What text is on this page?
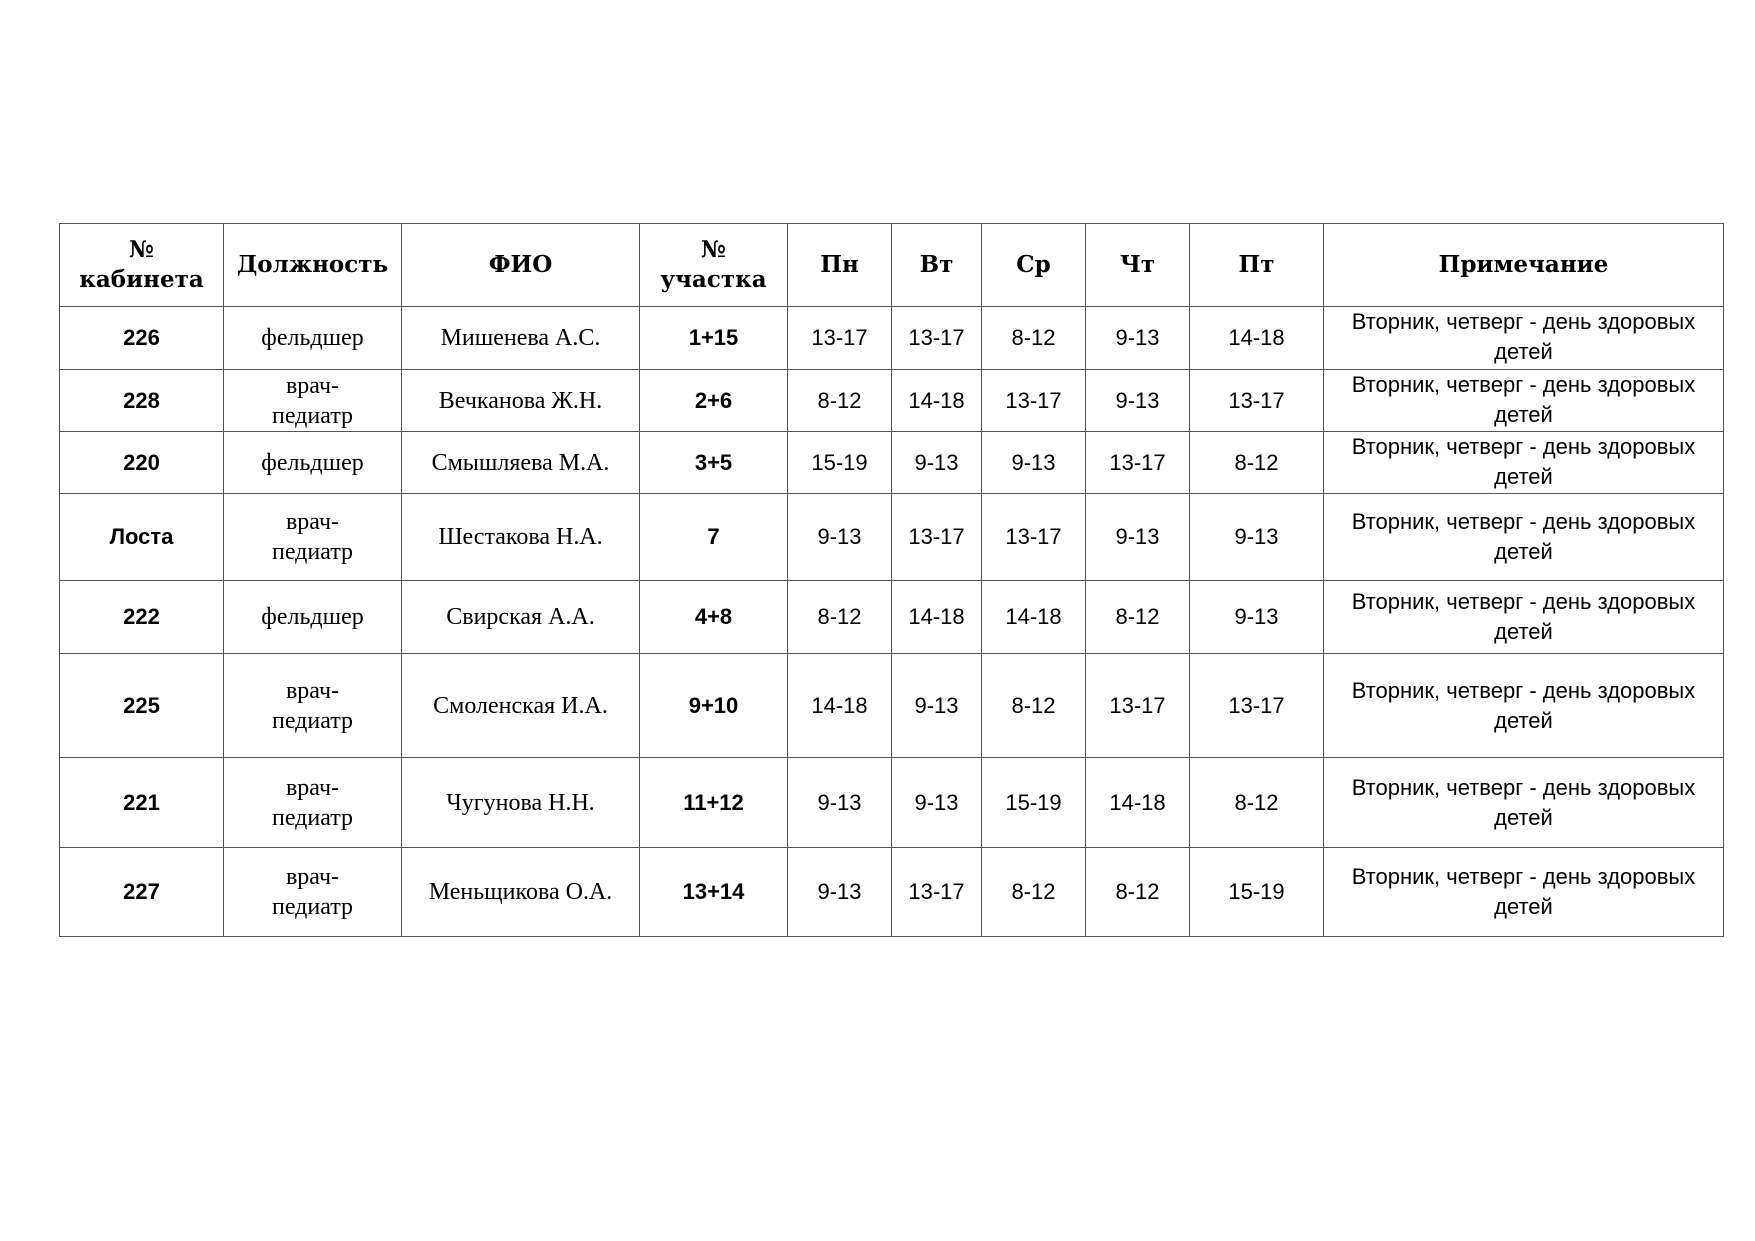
№
кабинета	Должность	ФИО	№ участка	Пн	Вт	Ср	Чт	Пт	Примечание
226	фельдшер	Мишенева А.С.	1+15	13-17	13-17	8-12	9-13	14-18	Вторник, четверг - день здоровых
детей

228	врач-
педиатр	Вечканова Ж.Н.	2+6	8-12	14-18	13-17	9-13	13-17	Вторник, четверг - день здоровых
детей

220	фельдшер	Смышляева М.А.	3+5	15-19	9-13	9-13	13-17	8-12	Вторник, четверг - день здоровых
детей

Лоста	врач-
педиатр	Шестакова Н.А.	7	9-13	13-17	13-17	9-13	9-13	Вторник, четверг - день здоровых
детей

222	фельдшер	Свирская А.А.	4+8	8-12	14-18	14-18	8-12	9-13	Вторник, четверг - день здоровых
детей

225	врач-
педиатр	Смоленская И.А.	9+10	14-18	9-13	8-12	13-17	13-17	Вторник, четверг - день здоровых
детей

221	врач-
педиатр	Чугунова Н.Н.	11+12	9-13	9-13	15-19	14-18	8-12	Вторник, четверг - день здоровых
детей

227	врач-
педиатр	Меньщикова О.А.	13+14	9-13	13-17	8-12	8-12	15-19	Вторник, четверг - день здоровых
детей
